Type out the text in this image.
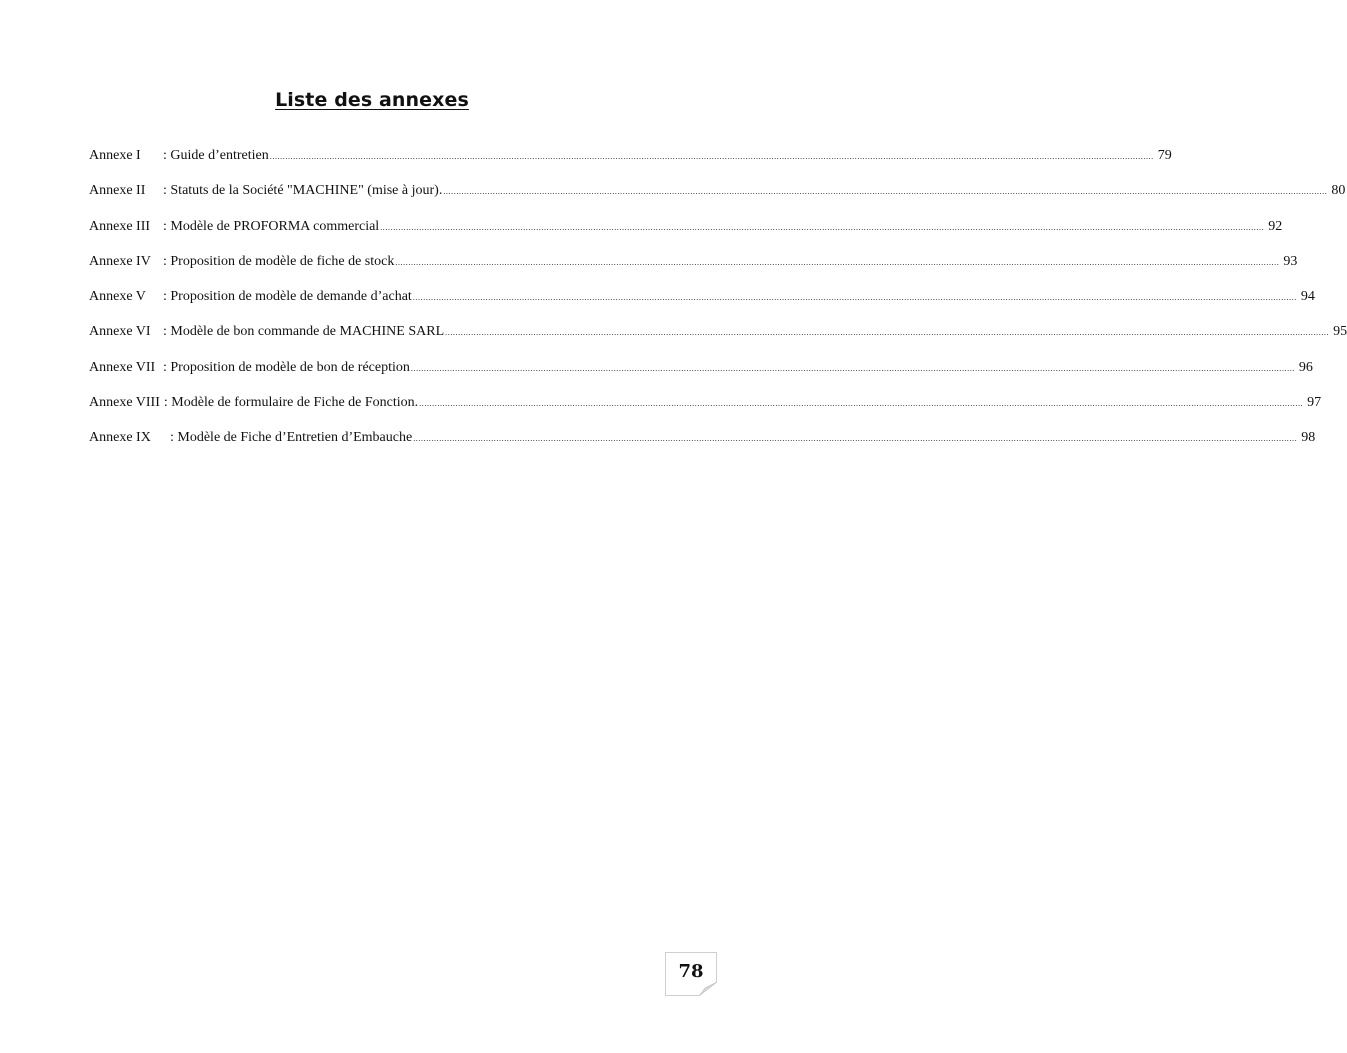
Liste des annexes
Annexe I	: Guide d’entretien .....	79
Annexe II	: Statuts de la Société "MACHINE" (mise à jour). .....	80
Annexe III : Modèle de PROFORMA commercial .....	92
Annexe IV : Proposition de modèle de fiche de stock .....	93
Annexe V	: Proposition de modèle de demande d’achat .....	94
Annexe VI : Modèle de bon commande de MACHINE SARL .....	95
Annexe VII : Proposition de modèle de bon de réception .....	96
Annexe VIII : Modèle de formulaire de Fiche de Fonction. .....	97
Annexe IX	: Modèle de Fiche d’Entretien d’Embauche .....	98
78
